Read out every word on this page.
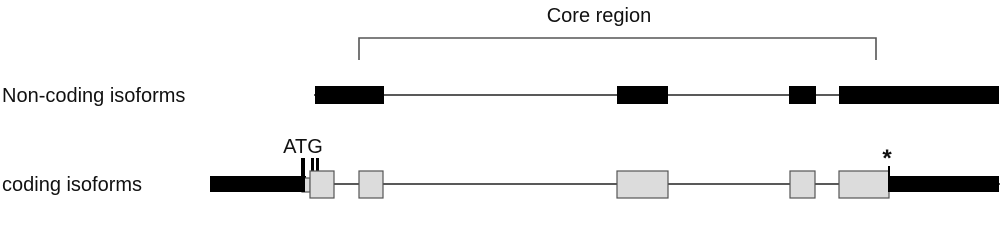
Core region
Non-coding isoforms
coding isoforms
ATG	*
